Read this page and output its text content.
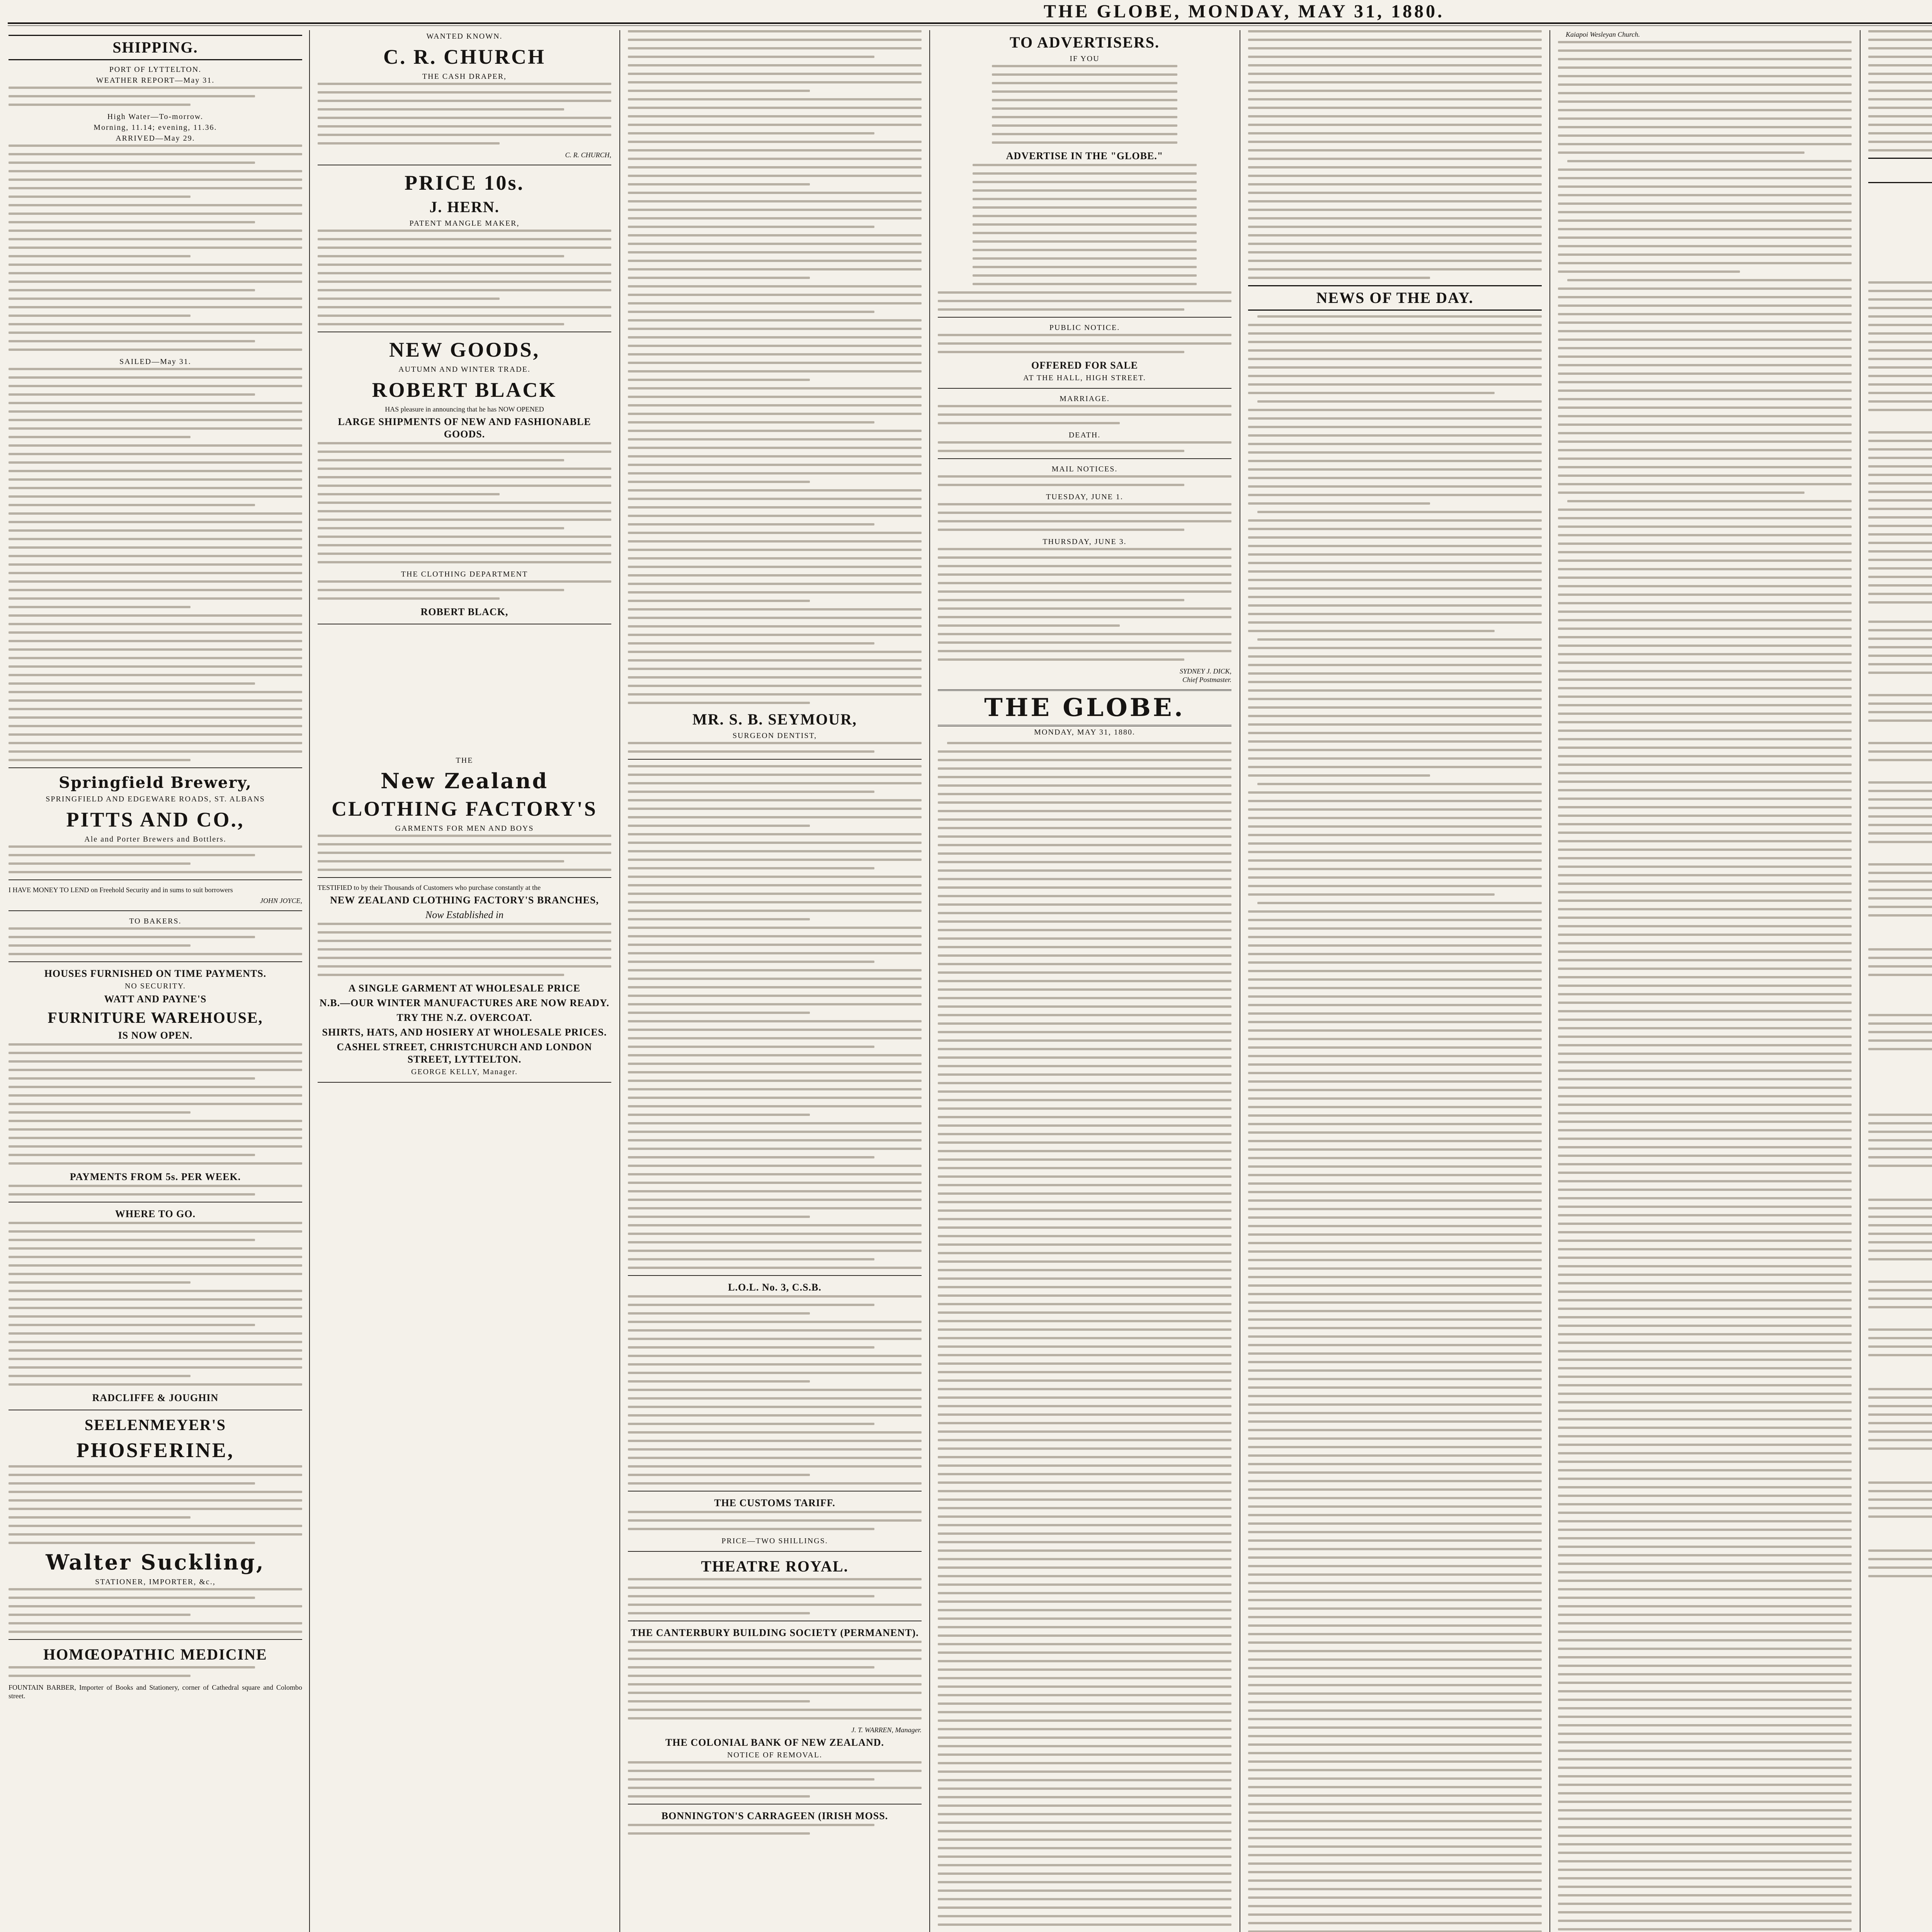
THE GLOBE, MONDAY, MAY 31, 1880.
SHIPPING.
PORT OF LYTTELTON.
WEATHER REPORT—May 31.
High Water—To-morrow.
Morning, 11.14; evening, 11.36.
ARRIVED—May 29.
SAILED—May 31.
Springfield Brewery,
SPRINGFIELD AND EDGEWARE ROADS, ST. ALBANS
PITTS AND CO.,
Ale and Porter Brewers and Bottlers.
I HAVE MONEY TO LEND on Freehold Security and in sums to suit borrowers
JOHN JOYCE,
TO BAKERS.
HOUSES FURNISHED ON TIME PAYMENTS.
NO SECURITY.
WATT AND PAYNE'S
FURNITURE WAREHOUSE,
IS NOW OPEN.
PAYMENTS FROM 5s. PER WEEK.
WHERE TO GO.
RADCLIFFE & JOUGHIN
SEELENMEYER'S
PHOSFERINE,
Walter Suckling,
STATIONER, IMPORTER, &c.,
HOMŒOPATHIC MEDICINE
FOUNTAIN BARBER, Importer of Books and Stationery, corner of Cathedral square and Colombo street.
WANTED KNOWN.
C. R. CHURCH
THE CASH DRAPER,
C. R. CHURCH,
PRICE 10s.
J. HERN.
PATENT MANGLE MAKER,
NEW GOODS,
AUTUMN AND WINTER TRADE.
ROBERT BLACK
HAS pleasure in announcing that he has NOW OPENED
LARGE SHIPMENTS OF NEW AND FASHIONABLE GOODS.
THE CLOTHING DEPARTMENT
ROBERT BLACK,
THE
New Zealand
CLOTHING FACTORY'S
GARMENTS FOR MEN AND BOYS
TESTIFIED to by their Thousands of Customers who purchase constantly at the
NEW ZEALAND CLOTHING FACTORY'S BRANCHES,
Now Established in
A SINGLE GARMENT AT WHOLESALE PRICE
N.B.—OUR WINTER MANUFACTURES ARE NOW READY.
TRY THE N.Z. OVERCOAT.
SHIRTS, HATS, AND HOSIERY AT WHOLESALE PRICES.
CASHEL STREET, CHRISTCHURCH AND LONDON STREET, LYTTELTON.
GEORGE KELLY, Manager.
MR. S. B. SEYMOUR,
SURGEON DENTIST,
L.O.L. No. 3, C.S.B.
THE CUSTOMS TARIFF.
PRICE—TWO SHILLINGS.
THEATRE ROYAL.
THE CANTERBURY BUILDING SOCIETY (PERMANENT).
J. T. WARREN, Manager.
THE COLONIAL BANK OF NEW ZEALAND.
NOTICE OF REMOVAL.
BONNINGTON'S CARRAGEEN (IRISH MOSS.
TO ADVERTISERS.
IF YOU
ADVERTISE IN THE "GLOBE."
PUBLIC NOTICE.
OFFERED FOR SALE
AT THE HALL, HIGH STREET.
MARRIAGE.
DEATH.
MAIL NOTICES.
TUESDAY, JUNE 1.
THURSDAY, JUNE 3.
SYDNEY J. DICK,
Chief Postmaster.
THE GLOBE.
MONDAY, MAY 31, 1880.
NEWS OF THE DAY.
Kaiapoi Wesleyan Church.
